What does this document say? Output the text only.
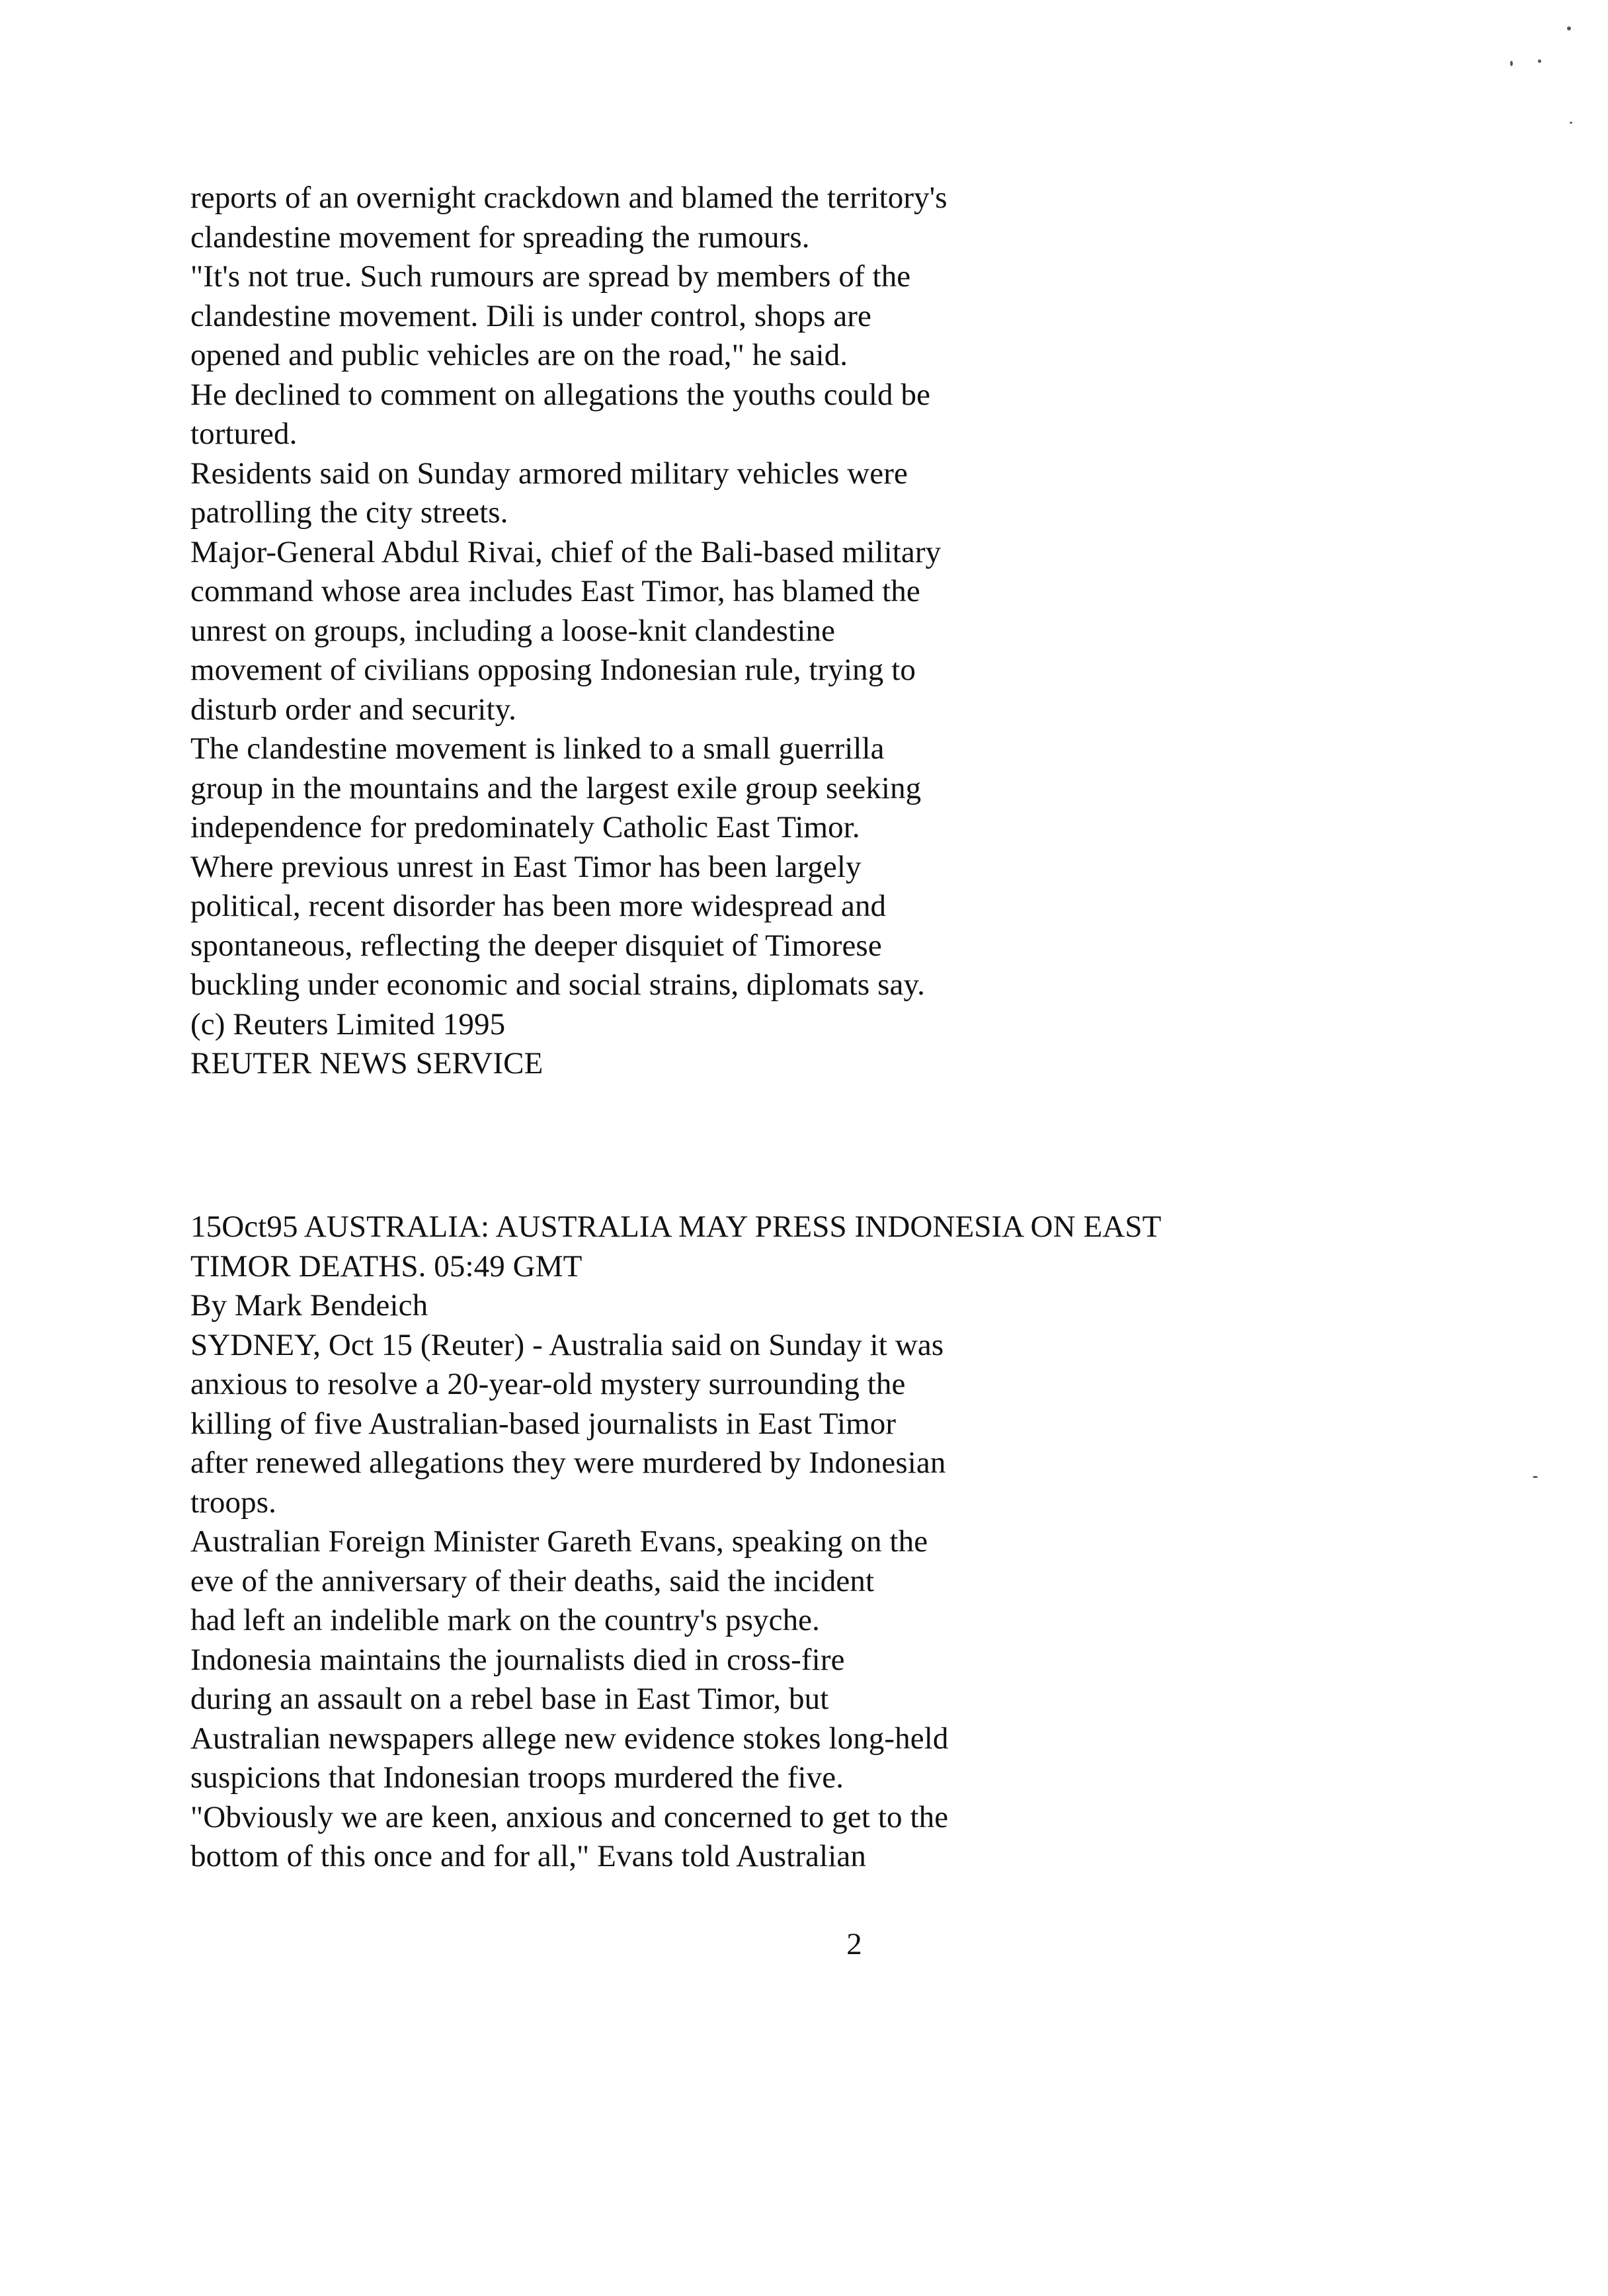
reports of an overnight crackdown and blamed the territory's
clandestine movement for spreading the rumours.
"It's not true. Such rumours are spread by members of the
clandestine movement. Dili is under control, shops are
opened and public vehicles are on the road," he said.
He declined to comment on allegations the youths could be
tortured.
Residents said on Sunday armored military vehicles were
patrolling the city streets.
Major-General Abdul Rivai, chief of the Bali-based military
command whose area includes East Timor, has blamed the
unrest on groups, including a loose-knit clandestine
movement of civilians opposing Indonesian rule, trying to
disturb order and security.
The clandestine movement is linked to a small guerrilla
group in the mountains and the largest exile group seeking
independence for predominately Catholic East Timor.
Where previous unrest in East Timor has been largely
political, recent disorder has been more widespread and
spontaneous, reflecting the deeper disquiet of Timorese
buckling under economic and social strains, diplomats say.
(c) Reuters Limited 1995
REUTER NEWS SERVICE
15Oct95 AUSTRALIA: AUSTRALIA MAY PRESS INDONESIA ON EAST
TIMOR DEATHS. 05:49 GMT
By Mark Bendeich
SYDNEY, Oct 15 (Reuter) - Australia said on Sunday it was
anxious to resolve a 20-year-old mystery surrounding the
killing of five Australian-based journalists in East Timor
after renewed allegations they were murdered by Indonesian
troops.
Australian Foreign Minister Gareth Evans, speaking on the
eve of the anniversary of their deaths, said the incident
had left an indelible mark on the country's psyche.
Indonesia maintains the journalists died in cross-fire
during an assault on a rebel base in East Timor, but
Australian newspapers allege new evidence stokes long-held
suspicions that Indonesian troops murdered the five.
"Obviously we are keen, anxious and concerned to get to the
bottom of this once and for all," Evans told Australian
2
